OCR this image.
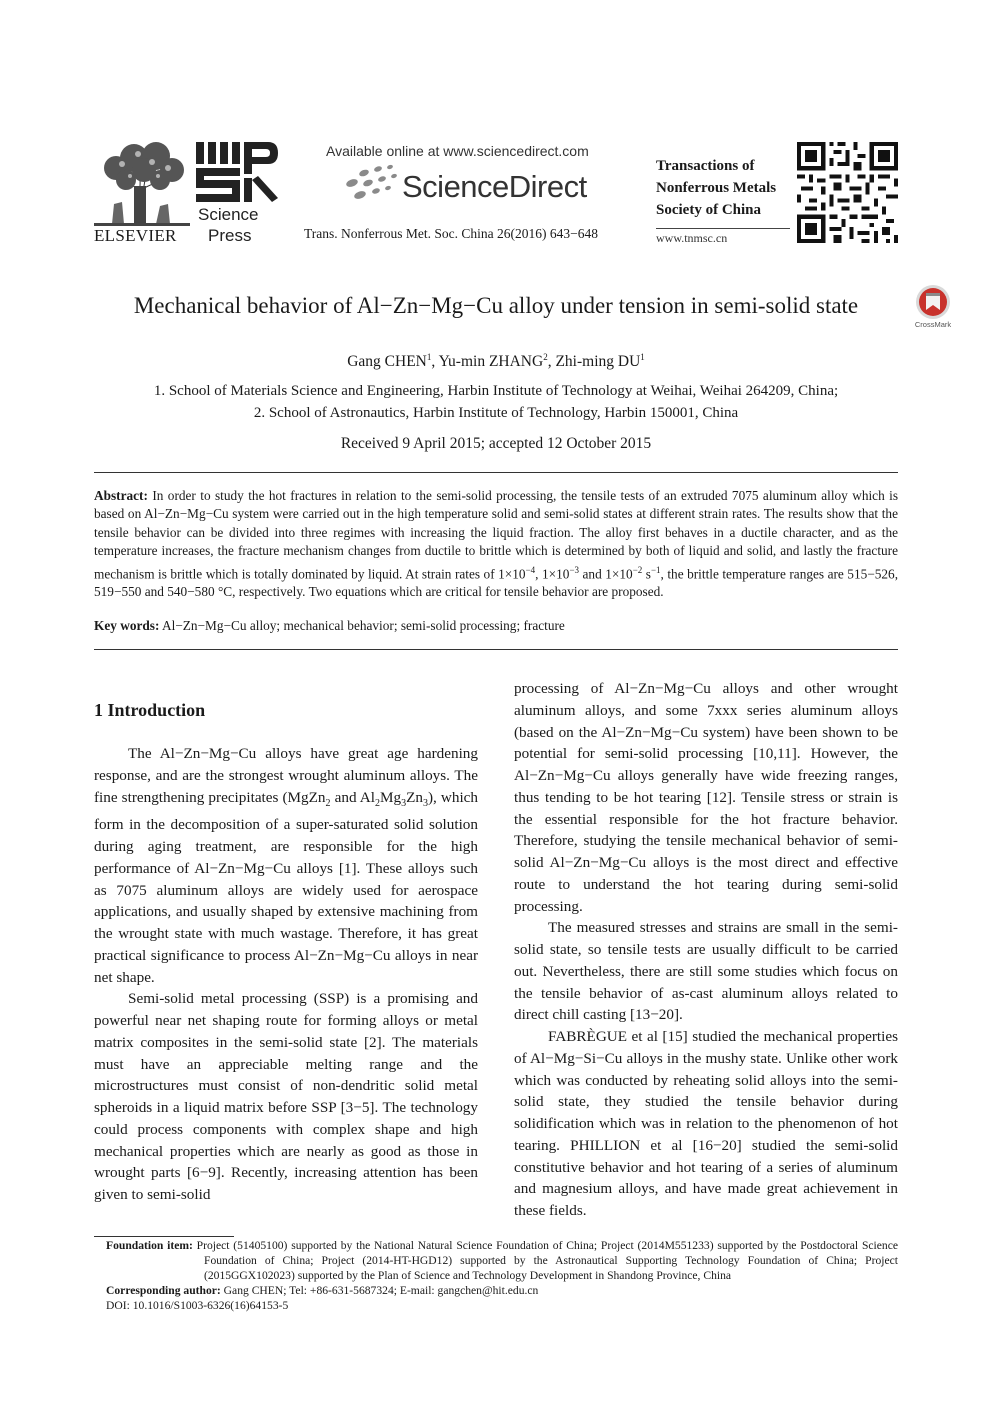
ELSEVIER
Science
Press
Available online at www.sciencedirect.com
ScienceDirect
Trans. Nonferrous Met. Soc. China 26(2016) 643−648
Transactions of
Nonferrous Metals
Society of China
www.tnmsc.cn
Mechanical behavior of Al−Zn−Mg−Cu alloy under tension in semi-solid state
CrossMark
Gang CHEN$^1$, Yu-min ZHANG$^2$, Zhi-ming $DU^1$
1. School of Materials Science and Engineering, Harbin Institute of Technology at Weihai, Weihai 264209, China;
2. School of Astronautics, Harbin Institute of Technology, Harbin 150001, China
Received 9 April 2015; accepted 12 October 2015

Abstract: In order to study the hot fractures in relation to the semi-solid processing, the tensile tests of an extruded 7075 aluminum alloy which is based on Al−Zn−Mg−Cu system were carried out in the high temperature solid and semi-solid states at different strain rates. The results show that the tensile behavior can be divided into three regimes with increasing the liquid fraction. The alloy first behaves in a ductile character, and as the temperature increases, the fracture mechanism changes from ductile to brittle which is determined by both of liquid and solid, and lastly the fracture mechanism is brittle which is totally dominated by liquid. At strain rates of $1\times 10^{-4}$, $1\times 10^{-3}$ and $1\times 10^{-2}$ $s^{-1}$, the brittle temperature ranges are 515−526, 519−550 and 540−580 °C, respectively. Two equations which are critical for tensile behavior are proposed.

Key words: Al−Zn−Mg−Cu alloy; mechanical behavior; semi-solid processing; fracture

1 Introduction

The Al−Zn−Mg−Cu alloys have great age hardening response, and are the strongest wrought aluminum alloys. The fine strengthening precipitates (MgZn$_2$ and $Al_2Mg_3Zn_3$), which form in the decomposition of a super-saturated solid solution during aging treatment, are responsible for the high performance of Al−Zn−Mg−Cu alloys [1]. These alloys such as 7075 aluminum alloys are widely used for aerospace applications, and usually shaped by extensive machining from the wrought state with much wastage. Therefore, it has great practical significance to process Al−Zn−Mg−Cu alloys in near net shape.

Semi-solid metal processing (SSP) is a promising and powerful near net shaping route for forming alloys or metal matrix composites in the semi-solid state [2]. The materials must have an appreciable melting range and the microstructures must consist of non-dendritic solid metal spheroids in a liquid matrix before SSP [3−5]. The technology could process components with complex shape and high mechanical properties which are nearly as good as those in wrought parts [6−9]. Recently, increasing attention has been given to semi-solid

processing of Al−Zn−Mg−Cu alloys and other wrought aluminum alloys, and some 7xxx series aluminum alloys (based on the Al−Zn−Mg−Cu system) have been shown to be potential for semi-solid processing [10,11]. However, the Al−Zn−Mg−Cu alloys generally have wide freezing ranges, thus tending to be hot tearing [12]. Tensile stress or strain is the essential responsible for the hot fracture behavior. Therefore, studying the tensile mechanical behavior of semi-solid Al−Zn−Mg−Cu alloys is the most direct and effective route to understand the hot tearing during semi-solid processing.

The measured stresses and strains are small in the semi-solid state, so tensile tests are usually difficult to be carried out. Nevertheless, there are still some studies which focus on the tensile behavior of as-cast aluminum alloys related to direct chill casting [13−20].

FABRÈGUE et al [15] studied the mechanical properties of Al−Mg−Si−Cu alloys in the mushy state. Unlike other work which was conducted by reheating solid alloys into the semi-solid state, they studied the tensile behavior during solidification which was in relation to the phenomenon of hot tearing. PHILLION et al [16−20] studied the semi-solid constitutive behavior and hot tearing of a series of aluminum and magnesium alloys, and have made great achievement in these fields.

Foundation item: Project (51405100) supported by the National Natural Science Foundation of China; Project (2014M551233) supported by the Postdoctoral Science Foundation of China; Project (2014-HT-HGD12) supported by the Astronautical Supporting Technology Foundation of China; Project (2015GGX102023) supported by the Plan of Science and Technology Development in Shandong Province, China

Corresponding author: Gang CHEN; Tel: +86-631-5687324; E-mail: gangchen@hit.edu.cn

DOI: 10.1016/S1003-6326(16)64153-5
